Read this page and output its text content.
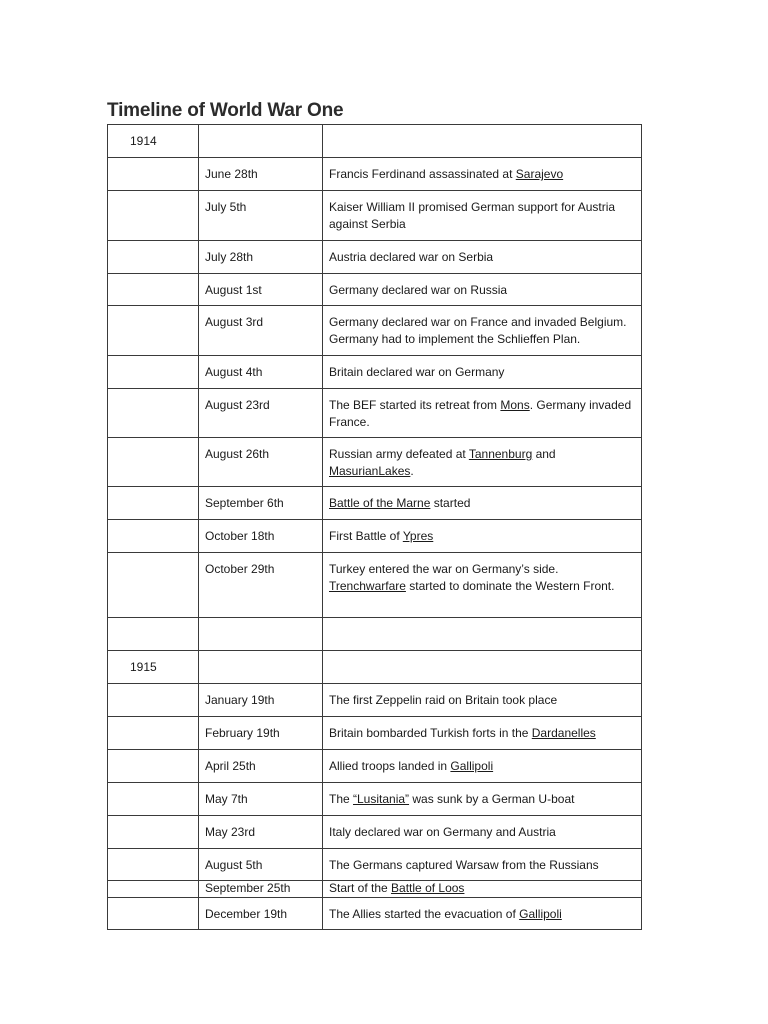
Timeline of World War One
1914		

	June 28th	Francis Ferdinand assassinated at Sarajevo

	July 5th	Kaiser William II promised German support for Austria against Serbia

	July 28th	Austria declared war on Serbia

	August 1st	Germany declared war on Russia

	August 3rd	Germany declared war on France and invaded Belgium. Germany had to implement the Schlieffen Plan.

	August 4th	Britain declared war on Germany

	August 23rd	The BEF started its retreat from Mons. Germany invaded France.

	August 26th	Russian army defeated at Tannenburg and MasurianLakes.

	September 6th	Battle of the Marne started

	October 18th	First Battle of Ypres

	October 29th	Turkey entered the war on Germany’s side. Trenchwarfare started to dominate the Western Front.

1915		

	January 19th	The first Zeppelin raid on Britain took place

	February 19th	Britain bombarded Turkish forts in the Dardanelles

	April 25th	Allied troops landed in Gallipoli

	May 7th	The “Lusitania” was sunk by a German U-boat

	May 23rd	Italy declared war on Germany and Austria

	August 5th	The Germans captured Warsaw from the Russians

	September 25th	Start of the Battle of Loos

	December 19th	The Allies started the evacuation of Gallipoli
